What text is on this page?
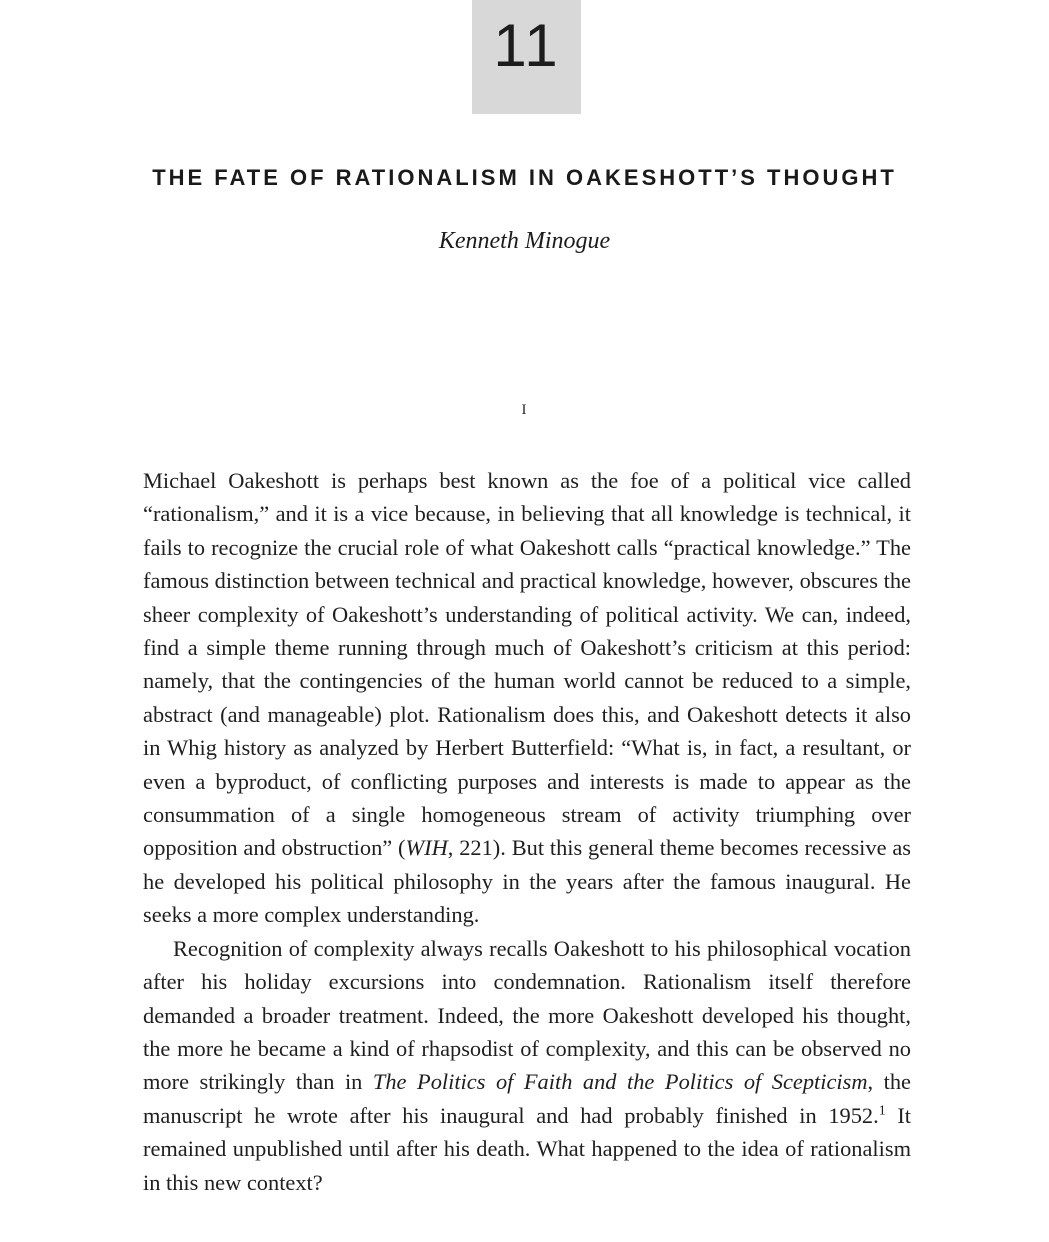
11
THE FATE OF RATIONALISM IN OAKESHOTT’S THOUGHT
Kenneth Minogue
I

Michael Oakeshott is perhaps best known as the foe of a political vice called “rationalism,” and it is a vice because, in believing that all knowledge is technical, it fails to recognize the crucial role of what Oakeshott calls “practical knowledge.” The famous distinction between technical and practical knowledge, however, obscures the sheer complexity of Oakeshott’s understanding of political activity. We can, indeed, find a simple theme running through much of Oakeshott’s criticism at this period: namely, that the contingencies of the human world cannot be reduced to a simple, abstract (and manageable) plot. Rationalism does this, and Oakeshott detects it also in Whig history as analyzed by Herbert Butterfield: “What is, in fact, a resultant, or even a byproduct, of conflicting purposes and interests is made to appear as the consummation of a single homogeneous stream of activity triumphing over opposition and obstruction” (WIH, 221). But this general theme becomes recessive as he developed his political philosophy in the years after the famous inaugural. He seeks a more complex understanding.

Recognition of complexity always recalls Oakeshott to his philosophical vocation after his holiday excursions into condemnation. Rationalism itself therefore demanded a broader treatment. Indeed, the more Oakeshott developed his thought, the more he became a kind of rhapsodist of complexity, and this can be observed no more strikingly than in The Politics of Faith and the Politics of Scepticism, the manuscript he wrote after his inaugural and had probably finished in 1952.$^1$ It remained unpublished until after his death. What happened to the idea of rationalism in this new context?
